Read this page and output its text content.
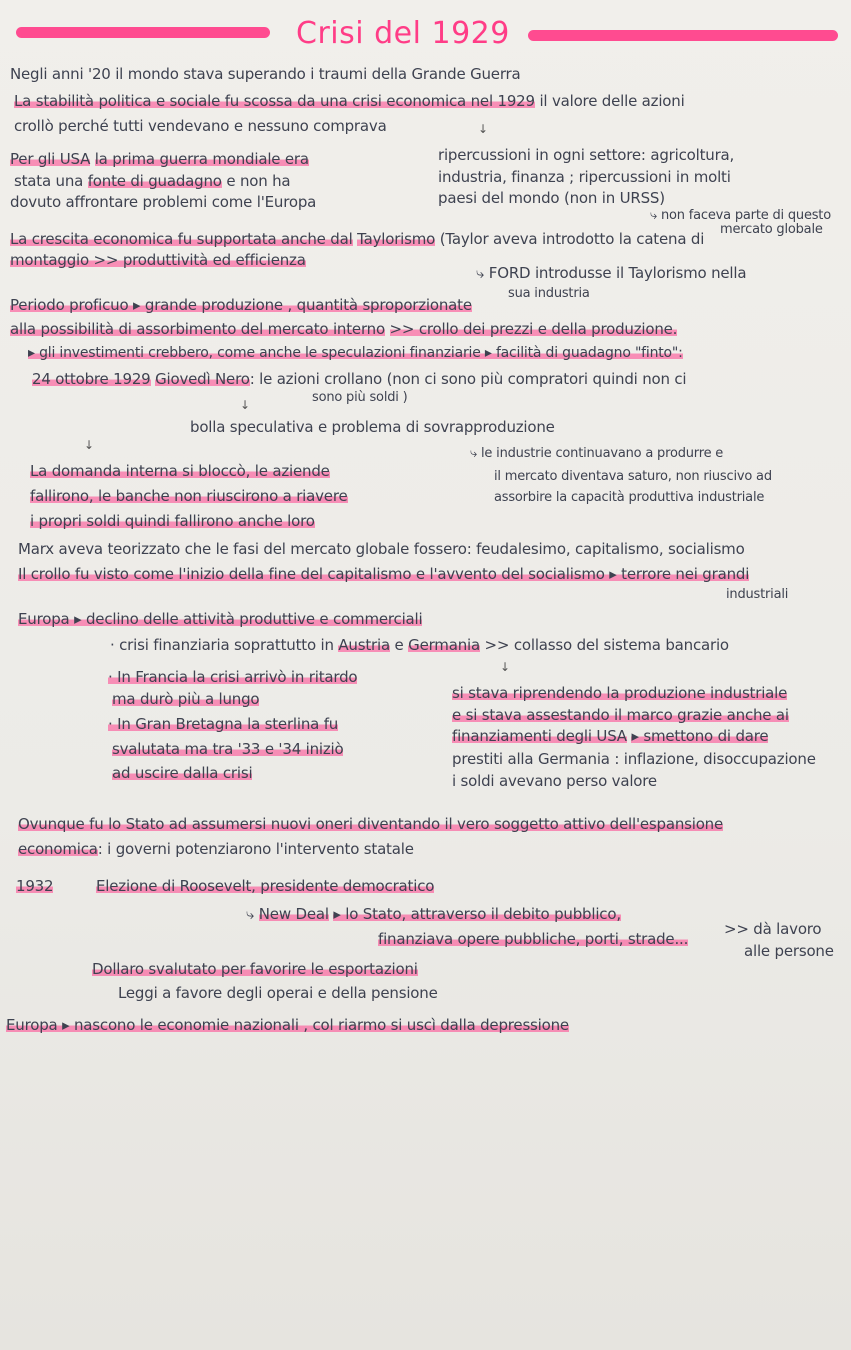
Crisi del 1929
Negli anni '20 il mondo stava superando i traumi della Grande Guerra
La stabilità politica e sociale fu scossa da una crisi economica nel 1929 il valore delle azioni
crollò perché tutti vendevano e nessuno comprava	↓
Per gli USA la prima guerra mondiale era
stata una fonte di guadagno e non ha
dovuto affrontare problemi come l'Europa
ripercussioni in ogni settore: agricoltura,
industria, finanza ; ripercussioni in molti
paesi del mondo (non in URSS)
⤷ non faceva parte di questo
mercato globale
La crescita economica fu supportata anche dal Taylorismo (Taylor aveva introdotto la catena di
montaggio >> produttività ed efficienza
⤷ FORD introdusse il Taylorismo nella
sua industria
Periodo proficuo ▸ grande produzione , quantità sproporzionate
alla possibilità di assorbimento del mercato interno >> crollo dei prezzi e della produzione.
▸ gli investimenti crebbero, come anche le speculazioni finanziarie ▸ facilità di guadagno "finto":
24 ottobre 1929 Giovedì Nero: le azioni crollano (non ci sono più compratori quindi non ci
sono più soldi )
↓
bolla speculativa e problema di sovrapproduzione
↓
⤷ le industrie continuavano a produrre e
il mercato diventava saturo, non riuscivo ad
assorbire la capacità produttiva industriale
La domanda interna si bloccò, le aziende
fallirono, le banche non riuscirono a riavere
i propri soldi quindi fallirono anche loro
Marx aveva teorizzato che le fasi del mercato globale fossero: feudalesimo, capitalismo, socialismo
Il crollo fu visto come l'inizio della fine del capitalismo e l'avvento del socialismo ▸ terrore nei grandi
industriali
Europa ▸ declino delle attività produttive e commerciali
· crisi finanziaria soprattutto in Austria e Germania >> collasso del sistema bancario
↓
· In Francia la crisi arrivò in ritardo
ma durò più a lungo
· In Gran Bretagna la sterlina fu
svalutata ma tra '33 e '34 iniziò
ad uscire dalla crisi
si stava riprendendo la produzione industriale
e si stava assestando il marco grazie anche ai
finanziamenti degli USA ▸ smettono di dare
prestiti alla Germania : inflazione, disoccupazione
i soldi avevano perso valore
Ovunque fu lo Stato ad assumersi nuovi oneri diventando il vero soggetto attivo dell'espansione
economica: i governi potenziarono l'intervento statale
1932	Elezione di Roosevelt, presidente democratico
⤷ New Deal ▸ lo Stato, attraverso il debito pubblico,
finanziava opere pubbliche, porti, strade...
>> dà lavoro
alle persone
Dollaro svalutato per favorire le esportazioni
Leggi a favore degli operai e della pensione
Europa ▸ nascono le economie nazionali , col riarmo si uscì dalla depressione
